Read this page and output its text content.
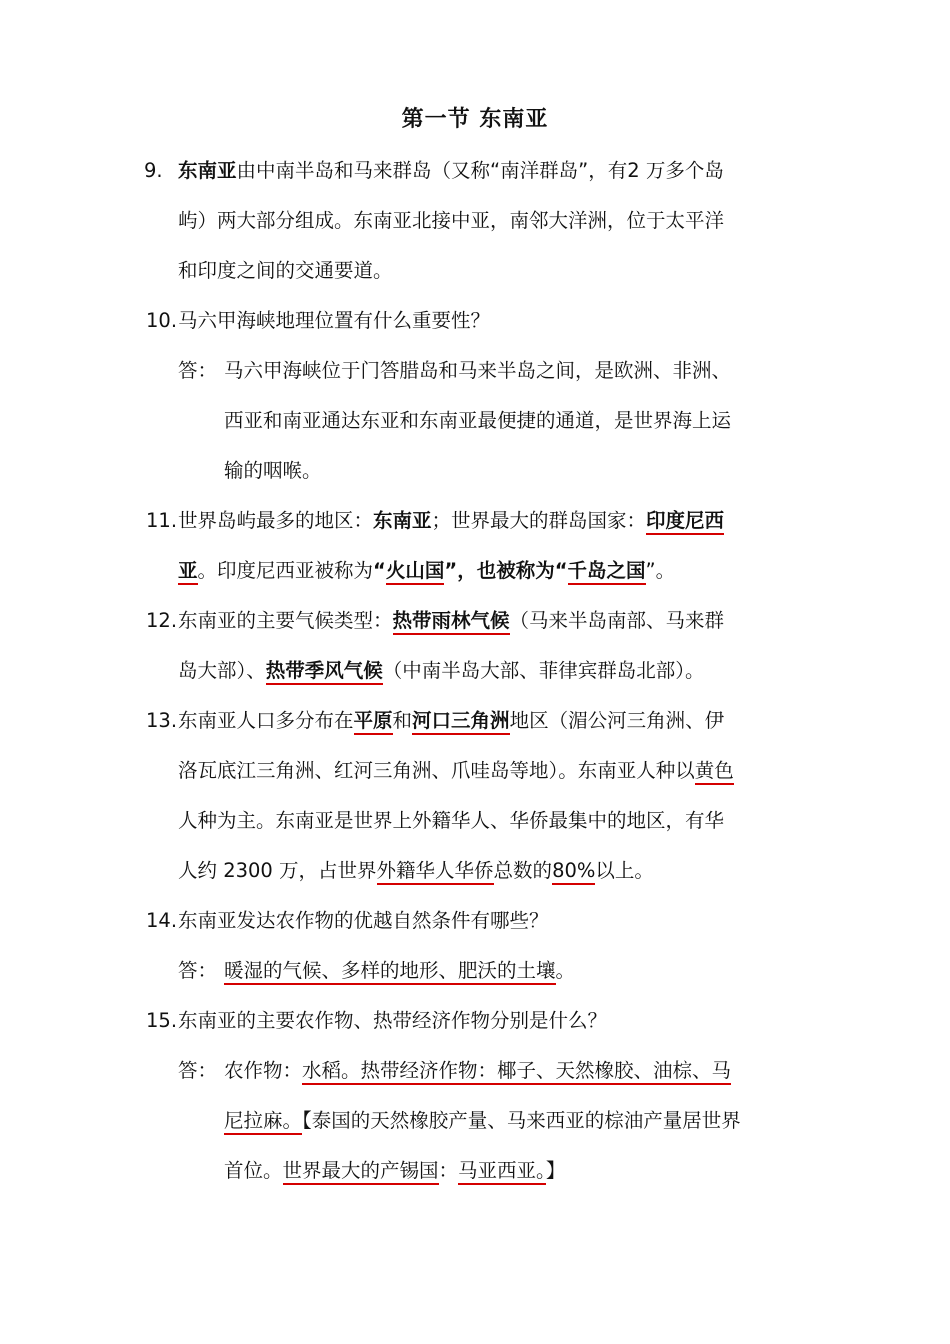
第一节 东南亚
9. 东南亚由中南半岛和马来群岛（又称“南洋群岛”，有2 万多个岛
屿）两大部分组成。东南亚北接中亚，南邻大洋洲，位于太平洋
和印度之间的交通要道。
10. 马六甲海峡地理位置有什么重要性？
答： 马六甲海峡位于门答腊岛和马来半岛之间，是欧洲、非洲、
西亚和南亚通达东亚和东南亚最便捷的通道，是世界海上运
输的咽喉。
11. 世界岛屿最多的地区：东南亚；世界最大的群岛国家：印度尼西
亚。印度尼西亚被称为“火山国”，也被称为“千岛之国”。
12. 东南亚的主要气候类型：热带雨林气候（马来半岛南部、马来群
岛大部）、热带季风气候（中南半岛大部、菲律宾群岛北部）。
13. 东南亚人口多分布在平原和河口三角洲地区（湄公河三角洲、伊
洛瓦底江三角洲、红河三角洲、爪哇岛等地）。东南亚人种以黄色
人种为主。东南亚是世界上外籍华人、华侨最集中的地区，有华
人约 2300 万，占世界外籍华人华侨总数的80%以上。
14. 东南亚发达农作物的优越自然条件有哪些？
答： 暖湿的气候、多样的地形、肥沃的土壤。
15. 东南亚的主要农作物、热带经济作物分别是什么？
答： 农作物：水稻。热带经济作物：椰子、天然橡胶、油棕、马
尼拉麻。【泰国的天然橡胶产量、马来西亚的棕油产量居世界
首位。世界最大的产锡国：马亚西亚。】
